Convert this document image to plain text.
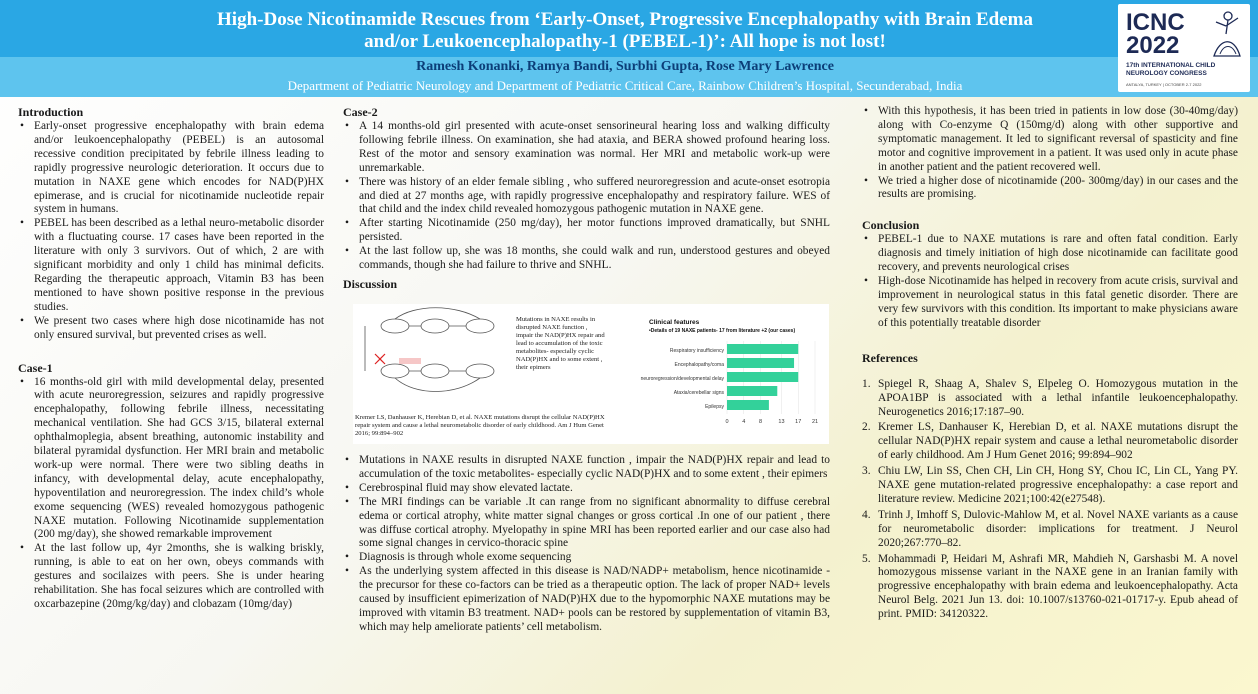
High-Dose Nicotinamide Rescues from ‘Early-Onset, Progressive Encephalopathy with Brain Edema
and/or Leukoencephalopathy-1 (PEBEL-1)’: All hope is not lost!
Ramesh Konanki, Ramya Bandi, Surbhi Gupta, Rose Mary Lawrence
Department of Pediatric Neurology and Department of Pediatric Critical Care, Rainbow Children’s Hospital, Secunderabad, India
ICNC
2022
17th INTERNATIONAL CHILD NEUROLOGY CONGRESS
ANTALYA, TURKEY | OCTOBER 2-7 2022
Introduction
• Early-onset progressive encephalopathy with brain edema and/or leukoencephalopathy (PEBEL) is an autosomal recessive condition precipitated by febrile illness leading to rapidly progressive neurologic deterioration. It occurs due to mutation in NAXE gene which encodes for NAD(P)HX epimerase, and is crucial for nicotinamide nucleotide repair system in humans.
• PEBEL has been described as a lethal neuro-metabolic disorder with a fluctuating course. 17 cases have been reported in the literature with only 3 survivors. Out of which, 2 are with significant morbidity and only 1 child has minimal deficits. Regarding the therapeutic approach, Vitamin B3 has been mentioned to have shown positive response in the previous studies.
• We present two cases where high dose nicotinamide has not only ensured survival, but prevented crises as well.
Case-1
• 16 months-old girl with mild developmental delay, presented with acute neuroregression, seizures and rapidly progressive encephalopathy, following febrile illness, necessitating mechanical ventilation. She had GCS 3/15, bilateral external ophthalmoplegia, absent breathing, autonomic instability and bilateral pyramidal dysfunction. Her MRI brain and metabolic work-up were normal. There were two sibling deaths in infancy, with developmental delay, acute encephalopathy, hypoventilation and neuroregression. The index child’s whole exome sequencing (WES) revealed homozygous pathogenic NAXE mutation. Following Nicotinamide supplementation (200 mg/day), she showed remarkable improvement
• At the last follow up, 4yr 2months, she is walking briskly, running, is able to eat on her own, obeys commands with gestures and socilaizes with peers. She is under hearing rehabilitation. She has focal seizures which are controlled with oxcarbazepine (20mg/kg/day) and clobazam (10mg/day)
Case-2
• A 14 months-old girl presented with acute-onset sensorineural hearing loss and walking difficulty following febrile illness. On examination, she had ataxia, and BERA showed profound hearing loss. Rest of the motor and sensory examination was normal. Her MRI and metabolic work-up were unremarkable.
• There was history of an elder female sibling , who suffered neuroregression and acute-onset esotropia and died at 27 months age, with rapidly progressive encephalopathy and respiratory failure. WES of that child and the index child revealed homozygous pathogenic mutation in NAXE gene.
• After starting Nicotinamide (250 mg/day), her motor functions improved dramatically, but SNHL persisted.
• At the last follow up, she was 18 months, she could walk and run, understood gestures and obeyed commands, though she had failure to thrive and SNHL.
Discussion
Mutations in NAXE results in disrupted NAXE function , impair the NAD(P)HX repair and lead to accumulation of the toxic metabolites- especially cyclic NAD(P)HX and to some extent , their epimers
Kremer LS, Danhauser K, Herebian D, et al. NAXE mutations disrupt the cellular NAD(P)HX repair system and cause a lethal neurometabolic disorder of early childhood. Am J Hum Genet 2016; 99:894–902
Clinical features
•Details of 19 NAXE patients- 17 from literature +2 (our cases)
0 4 8	13 17 21
Respiratory insufficiency
Encephalopathy/coma
neuroregression/developmental delay
Ataxia/cerebellar signs
Epilepsy
• Mutations in NAXE results in disrupted NAXE function , impair the NAD(P)HX repair and lead to accumulation of the toxic metabolites- especially cyclic NAD(P)HX and to some extent , their epimers
• Cerebrospinal fluid may show elevated lactate.
• The MRI findings can be variable .It can range from no significant abnormality to diffuse cerebral edema or cortical atrophy, white matter signal changes or gross cortical .In one of our patient , there was diffuse cortical atrophy. Myelopathy in spine MRI has been reported earlier and our case also had some signal changes in cervico-thoracic spine
• Diagnosis is through whole exome sequencing
• As the underlying system affected in this disease is NAD/NADP+ metabolism, hence nicotinamide -the precursor for these co-factors can be tried as a therapeutic option. The lack of proper NAD+ levels caused by insufficient epimerization of NAD(P)HX due to the hypomorphic NAXE mutations may be improved with vitamin B3 treatment. NAD+ pools can be restored by supplementation of vitamin B3, which may help ameliorate patients’ cell metabolism.
• With this hypothesis, it has been tried in patients in low dose (30-40mg/day) along with Co-enzyme Q (150mg/d) along with other supportive and symptomatic management. It led to significant reversal of spasticity and fine motor and cognitive improvement in a patient. It was used only in acute phase in another patient and the patient recovered well.
• We tried a higher dose of nicotinamide (200- 300mg/day) in our cases and the results are promising.
Conclusion
• PEBEL-1 due to NAXE mutations is rare and often fatal condition. Early diagnosis and timely initiation of high dose nicotinamide can facilitate good recovery, and prevents neurological crises
• High-dose Nicotinamide has helped in recovery from acute crisis, survival and improvement in neurological status in this fatal genetic disorder. There are very few survivors with this condition. Its important to make physicians aware of this potentially treatable disorder
References
1. Spiegel R, Shaag A, Shalev S, Elpeleg O. Homozygous mutation in the APOA1BP is associated with a lethal infantile leukoencephalopathy. Neurogenetics 2016;17:187–90.
2. Kremer LS, Danhauser K, Herebian D, et al. NAXE mutations disrupt the cellular NAD(P)HX repair system and cause a lethal neurometabolic disorder of early childhood. Am J Hum Genet 2016; 99:894–902
3. Chiu LW, Lin SS, Chen CH, Lin CH, Hong SY, Chou IC, Lin CL, Yang PY. NAXE gene mutation-related progressive encephalopathy: a case report and literature review. Medicine 2021;100:42(e27548).
4. Trinh J, Imhoff S, Dulovic-Mahlow M, et al. Novel NAXE variants as a cause for neurometabolic disorder: implications for treatment. J Neurol 2020;267:770–82.
5. Mohammadi P, Heidari M, Ashrafi MR, Mahdieh N, Garshasbi M. A novel homozygous missense variant in the NAXE gene in an Iranian family with progressive encephalopathy with brain edema and leukoencephalopathy. Acta Neurol Belg. 2021 Jun 13. doi: 10.1007/s13760-021-01717-y. Epub ahead of print. PMID: 34120322.
